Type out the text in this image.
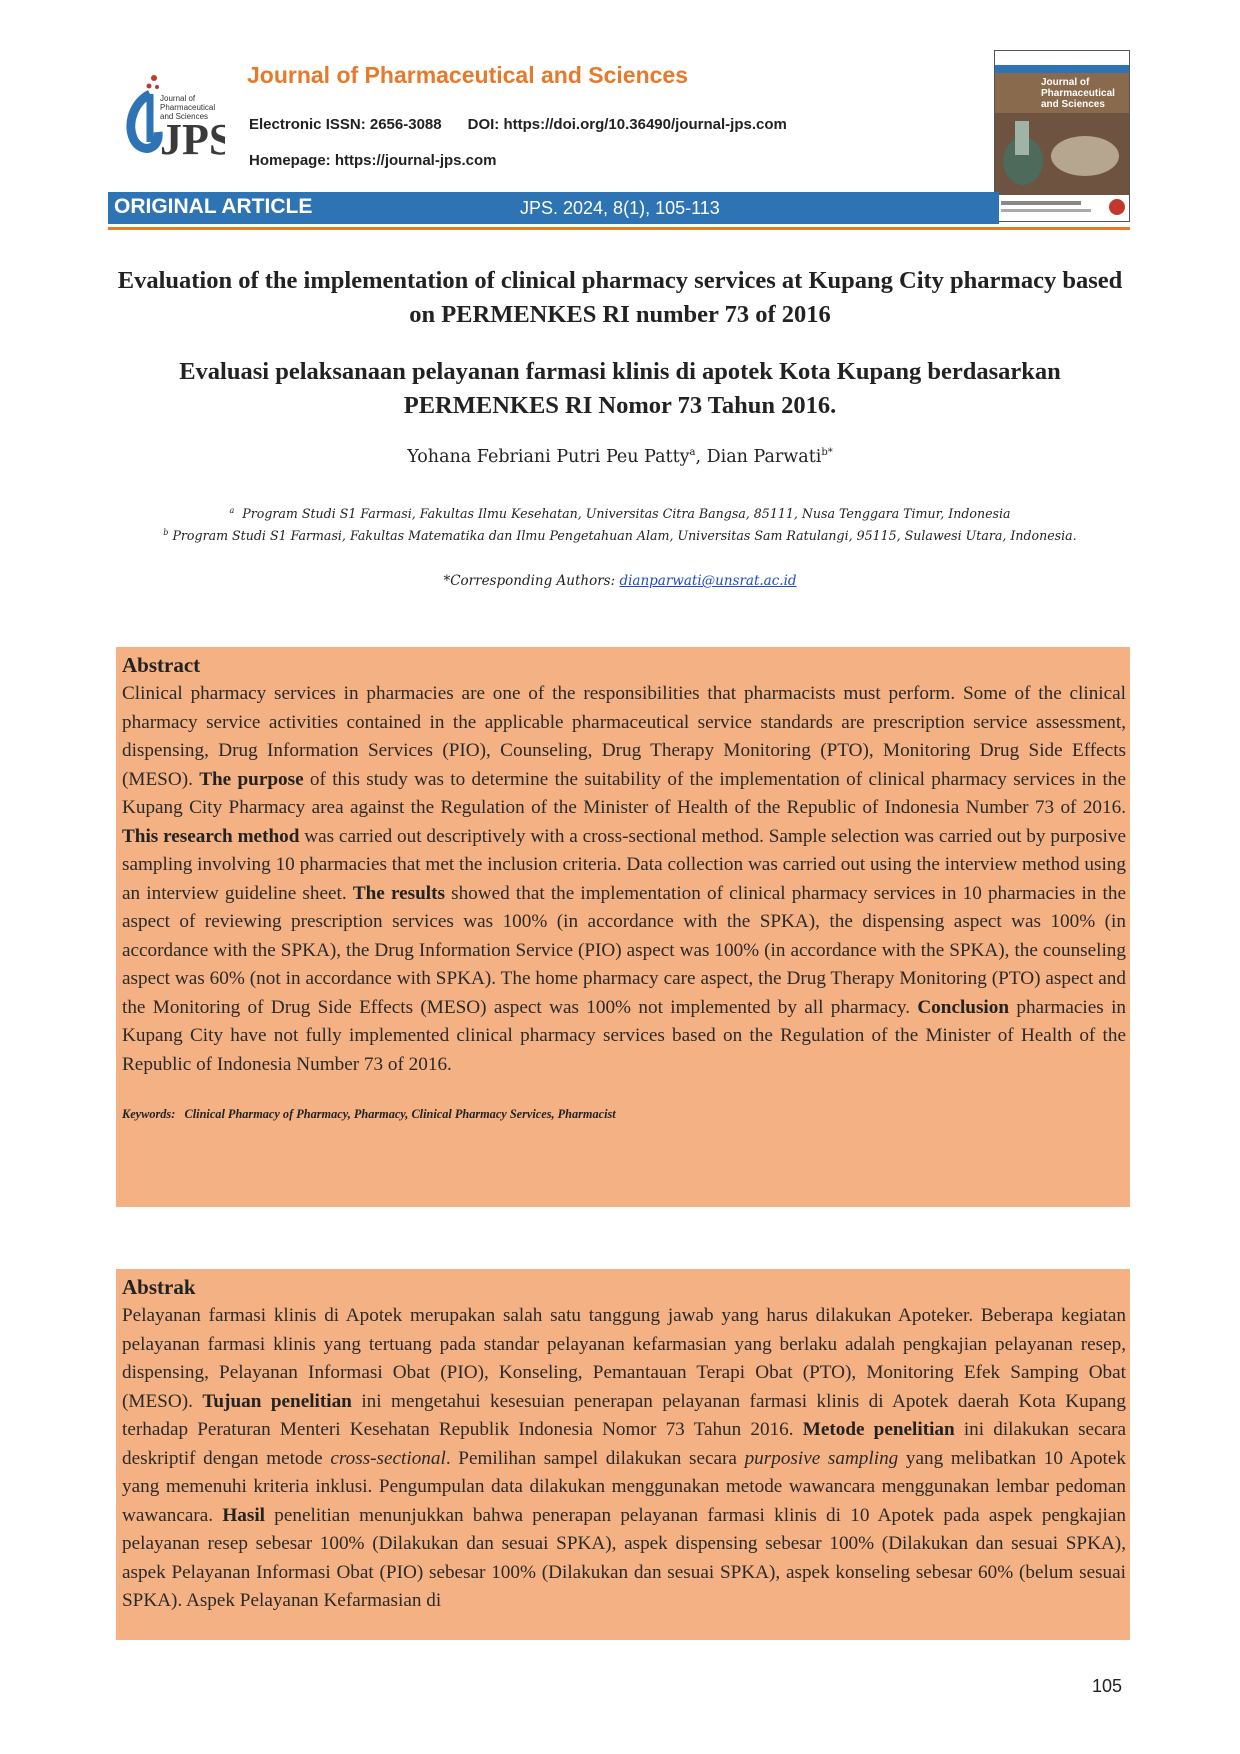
JPS
Journal of Pharmaceutical and Sciences
Journal of Pharmaceutical and Sciences
Electronic ISSN: 2656-3088 DOI: https://doi.org/10.36490/journal-jps.com
Homepage: https://journal-jps.com
Journal of Pharmaceutical and Sciences
ORIGINAL ARTICLE	JPS. 2024, 8(1), 105-113
Evaluation of the implementation of clinical pharmacy services at Kupang City pharmacy based on PERMENKES RI number 73 of 2016
Evaluasi pelaksanaan pelayanan farmasi klinis di apotek Kota Kupang berdasarkan PERMENKES RI Nomor 73 Tahun 2016.
Yohana Febriani Putri Peu Patty$^a$, Dian Parwati$^{b*}$
$^a$ Program Studi S1 Farmasi, Fakultas Ilmu Kesehatan, Universitas Citra Bangsa, 85111, Nusa Tenggara Timur, Indonesia
$^b$ Program Studi S1 Farmasi, Fakultas Matematika dan Ilmu Pengetahuan Alam, Universitas Sam Ratulangi, 95115, Sulawesi Utara, Indonesia.
*Corresponding Authors: dianparwati@unsrat.ac.id
Abstract
Clinical pharmacy services in pharmacies are one of the responsibilities that pharmacists must perform. Some of the clinical pharmacy service activities contained in the applicable pharmaceutical service standards are prescription service assessment, dispensing, Drug Information Services (PIO), Counseling, Drug Therapy Monitoring (PTO), Monitoring Drug Side Effects (MESO). The purpose of this study was to determine the suitability of the implementation of clinical pharmacy services in the Kupang City Pharmacy area against the Regulation of the Minister of Health of the Republic of Indonesia Number 73 of 2016. This research method was carried out descriptively with a cross-sectional method. Sample selection was carried out by purposive sampling involving 10 pharmacies that met the inclusion criteria. Data collection was carried out using the interview method using an interview guideline sheet. The results showed that the implementation of clinical pharmacy services in 10 pharmacies in the aspect of reviewing prescription services was 100% (in accordance with the SPKA), the dispensing aspect was 100% (in accordance with the SPKA), the Drug Information Service (PIO) aspect was 100% (in accordance with the SPKA), the counseling aspect was 60% (not in accordance with SPKA). The home pharmacy care aspect, the Drug Therapy Monitoring (PTO) aspect and the Monitoring of Drug Side Effects (MESO) aspect was 100% not implemented by all pharmacy. Conclusion pharmacies in Kupang City have not fully implemented clinical pharmacy services based on the Regulation of the Minister of Health of the Republic of Indonesia Number 73 of 2016.
Keywords: Clinical Pharmacy of Pharmacy, Pharmacy, Clinical Pharmacy Services, Pharmacist
Abstrak
Pelayanan farmasi klinis di Apotek merupakan salah satu tanggung jawab yang harus dilakukan Apoteker. Beberapa kegiatan pelayanan farmasi klinis yang tertuang pada standar pelayanan kefarmasian yang berlaku adalah pengkajian pelayanan resep, dispensing, Pelayanan Informasi Obat (PIO), Konseling, Pemantauan Terapi Obat (PTO), Monitoring Efek Samping Obat (MESO). Tujuan penelitian ini mengetahui kesesuian penerapan pelayanan farmasi klinis di Apotek daerah Kota Kupang terhadap Peraturan Menteri Kesehatan Republik Indonesia Nomor 73 Tahun 2016. Metode penelitian ini dilakukan secara deskriptif dengan metode cross-sectional. Pemilihan sampel dilakukan secara purposive sampling yang melibatkan 10 Apotek yang memenuhi kriteria inklusi. Pengumpulan data dilakukan menggunakan metode wawancara menggunakan lembar pedoman wawancara. Hasil penelitian menunjukkan bahwa penerapan pelayanan farmasi klinis di 10 Apotek pada aspek pengkajian pelayanan resep sebesar 100% (Dilakukan dan sesuai SPKA), aspek dispensing sebesar 100% (Dilakukan dan sesuai SPKA), aspek Pelayanan Informasi Obat (PIO) sebesar 100% (Dilakukan dan sesuai SPKA), aspek konseling sebesar 60% (belum sesuai SPKA). Aspek Pelayanan Kefarmasian di
105
